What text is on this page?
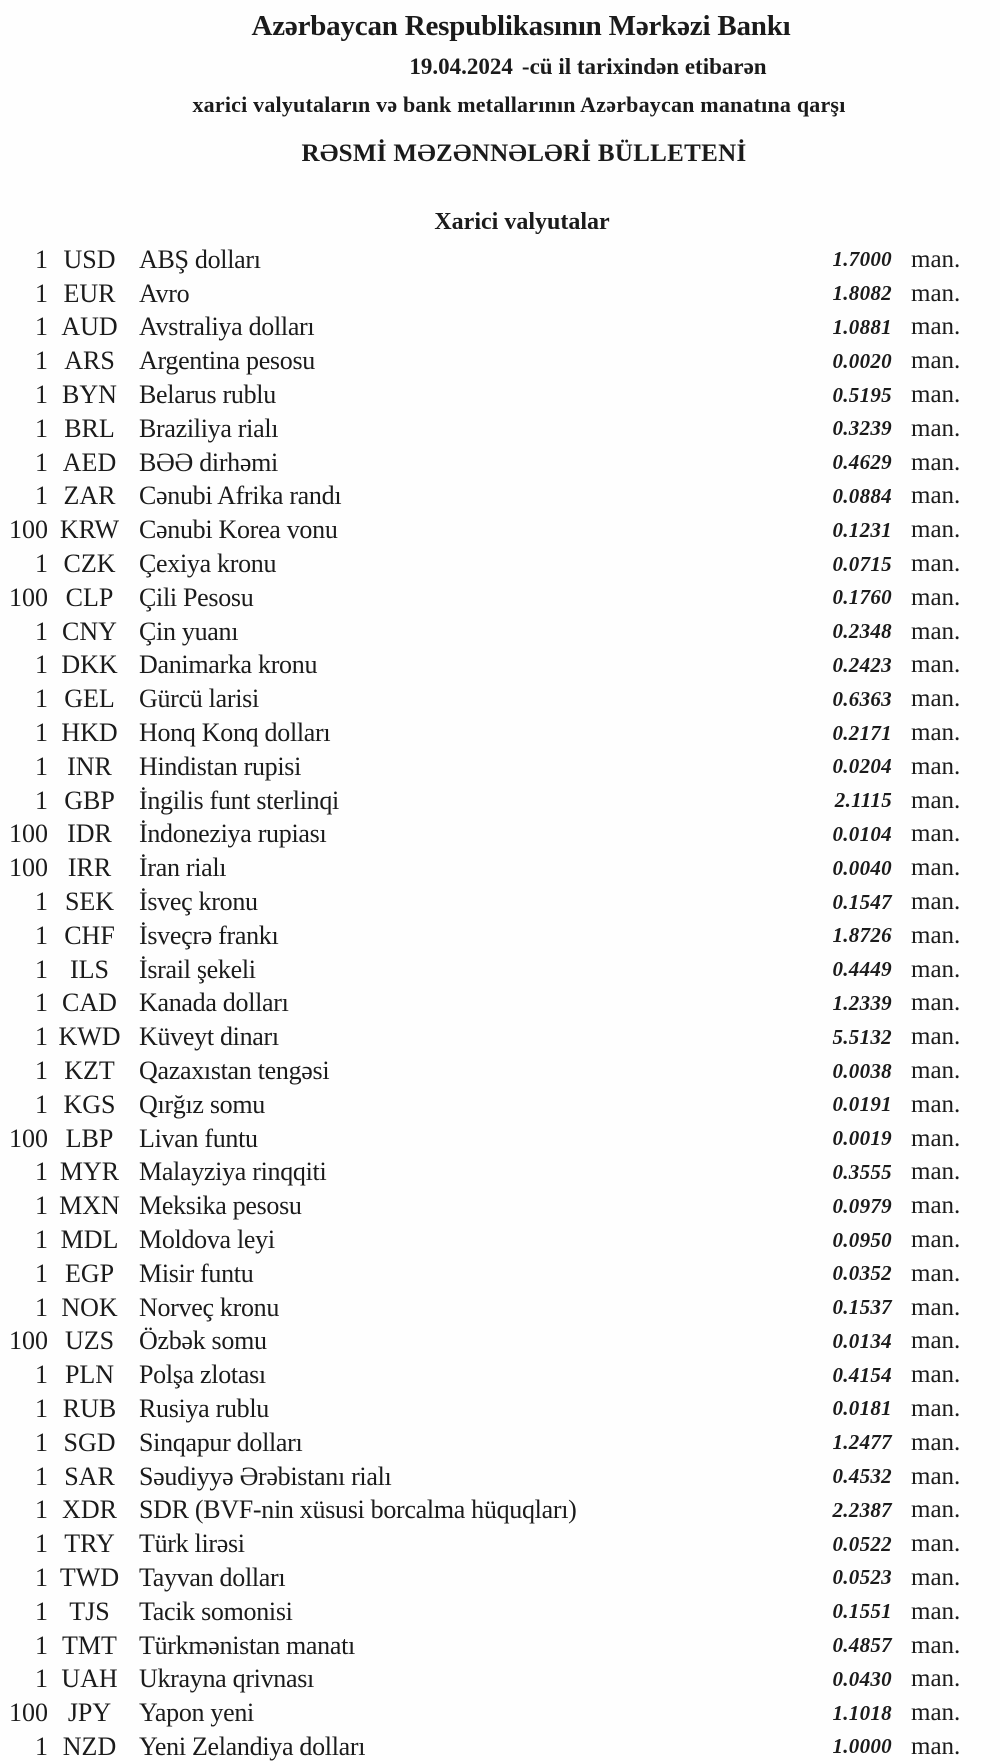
Azərbaycan Respublikasının Mərkəzi Bankı
19.04.2024 -cü il tarixindən etibarən
xarici valyutaların və bank metallarının Azərbaycan manatına qarşı
RƏSMİ MƏZƏNNƏLƏRİ BÜLLETENİ
Xarici valyutalar
1 USD ABŞ dolları	1.7000 man.
1 EUR Avro	1.8082 man.
1 AUD Avstraliya dolları	1.0881 man.
1 ARS Argentina pesosu	0.0020 man.
1 BYN Belarus rublu	0.5195 man.
1 BRL Braziliya rialı	0.3239 man.
1 AED BƏƏ dirhəmi	0.4629 man.
1 ZAR Cənubi Afrika randı	0.0884 man.
100 KRW Cənubi Korea vonu	0.1231 man.
1 CZK Çexiya kronu	0.0715 man.
100 CLP Çili Pesosu	0.1760 man.
1 CNY Çin yuanı	0.2348 man.
1 DKK Danimarka kronu	0.2423 man.
1 GEL Gürcü larisi	0.6363 man.
1 HKD Honq Konq dolları	0.2171 man.
1 INR	Hindistan rupisi	0.0204 man.
1 GBP İngilis funt sterlinqi	2.1115 man.
100 IDR	İndoneziya rupiası	0.0104 man.
100 IRR	İran rialı	0.0040 man.
1 SEK İsveç kronu	0.1547 man.
1 CHF İsveçrə frankı	1.8726 man.
1 ILS	İsrail şekeli	0.4449 man.
1 CAD Kanada dolları	1.2339 man.
1 KWD Küveyt dinarı	5.5132 man.
1 KZT Qazaxıstan tengəsi	0.0038 man.
1 KGS Qırğız somu	0.0191 man.
100 LBP Livan funtu	0.0019 man.
1 MYR Malayziya rinqqiti	0.3555 man.
1 MXN Meksika pesosu	0.0979 man.
1 MDL Moldova leyi	0.0950 man.
1 EGP Misir funtu	0.0352 man.
1 NOK Norveç kronu	0.1537 man.
100 UZS Özbək somu	0.0134 man.
1 PLN Polşa zlotası	0.4154 man.
1 RUB Rusiya rublu	0.0181 man.
1 SGD Sinqapur dolları	1.2477 man.
1 SAR Səudiyyə Ərəbistanı rialı	0.4532 man.
1 XDR SDR (BVF-nin xüsusi borcalma hüquqları)	2.2387 man.
1 TRY Türk lirəsi	0.0522 man.
1 TWD Tayvan dolları	0.0523 man.
1 TJS	Tacik somonisi	0.1551 man.
1 TMT Türkmənistan manatı	0.4857 man.
1 UAH Ukrayna qrivnası	0.0430 man.
100 JPY	Yapon yeni	1.1018 man.
1 NZD Yeni Zelandiya dolları	1.0000 man.
